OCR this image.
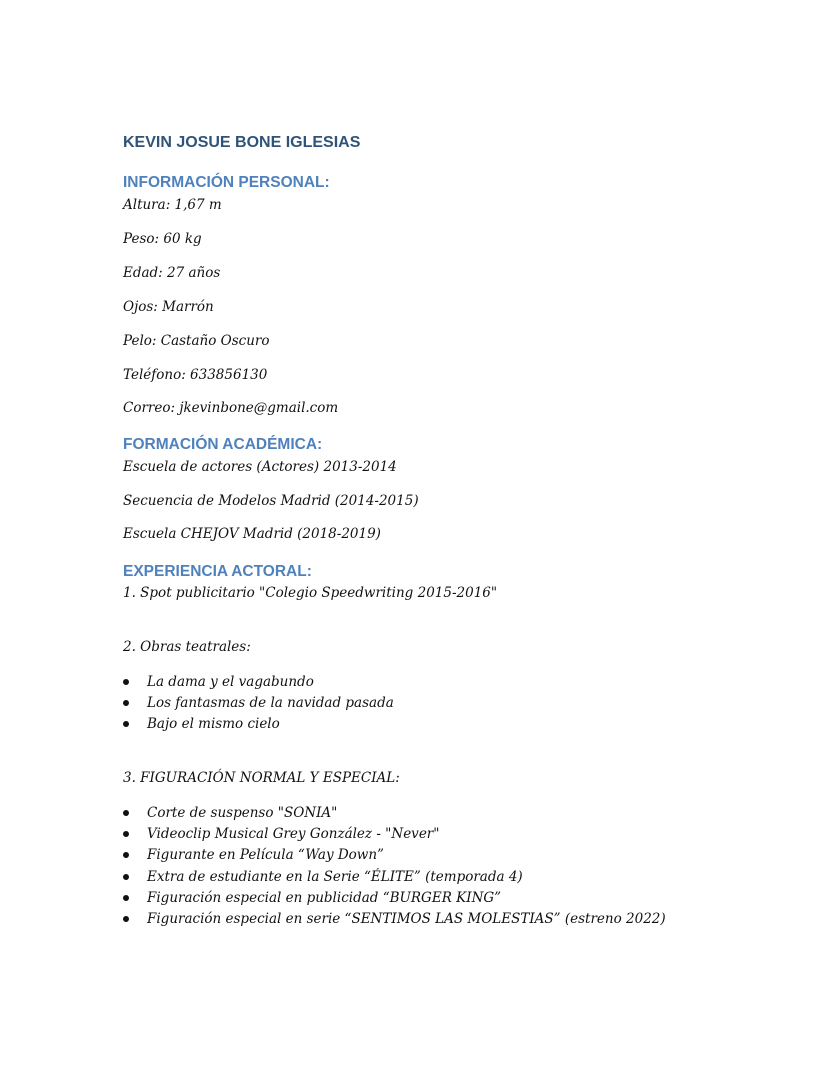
KEVIN JOSUE BONE IGLESIAS
INFORMACIÓN PERSONAL:
Altura: 1,67 m
Peso: 60 kg
Edad: 27 años
Ojos: Marrón
Pelo: Castaño Oscuro
Teléfono: 633856130
Correo: jkevinbone@gmail.com
FORMACIÓN ACADÉMICA:
Escuela de actores (Actores) 2013-2014
Secuencia de Modelos Madrid (2014-2015)
Escuela CHEJOV Madrid (2018-2019)
EXPERIENCIA ACTORAL:
1. Spot publicitario "Colegio Speedwriting 2015-2016"
2. Obras teatrales:
La dama y el vagabundo
Los fantasmas de la navidad pasada
Bajo el mismo cielo
3. FIGURACIÓN NORMAL Y ESPECIAL:
Corte de suspenso "SONIA"
Videoclip Musical Grey González - "Never"
Figurante en Película “Way Down”
Extra de estudiante en la Serie “ÉLITE” (temporada 4)
Figuración especial en publicidad “BURGER KING”
Figuración especial en serie “SENTIMOS LAS MOLESTIAS” (estreno 2022)
